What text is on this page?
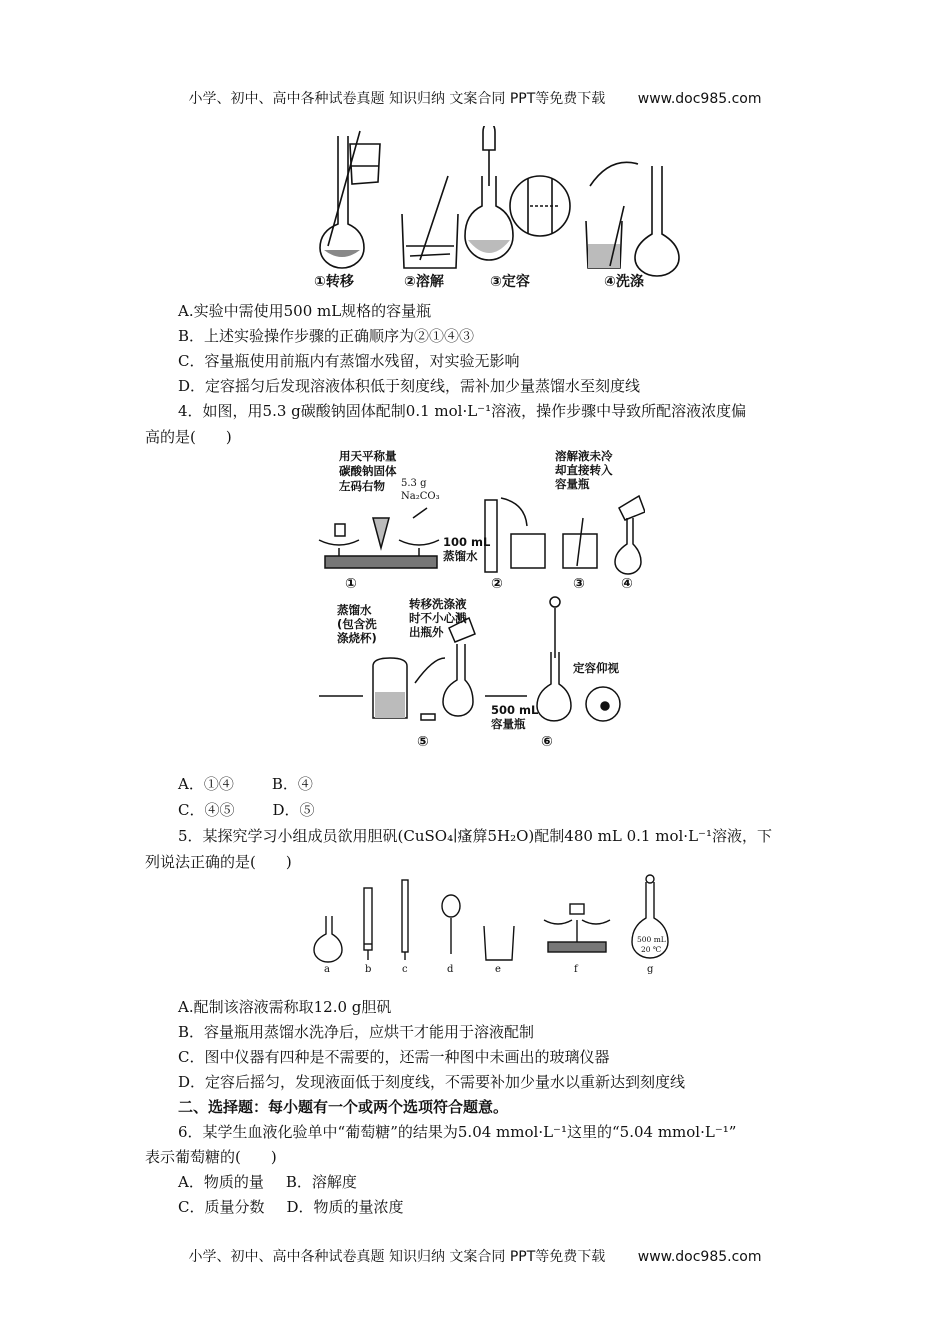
小学、初中、高中各种试卷真题 知识归纳 文案合同 PPT等免费下载 www.doc985.com
①转移	②溶解	③定容	④洗涤
A.实验中需使用500 mL规格的容量瓶
B．上述实验操作步骤的正确顺序为②①④③
C．容量瓶使用前瓶内有蒸馏水残留，对实验无影响
D．定容摇匀后发现溶液体积低于刻度线，需补加少量蒸馏水至刻度线
4．如图，用5.3 g碳酸钠固体配制0.1 mol·L⁻¹溶液，操作步骤中导致所配溶液浓度偏
高的是(　　)
用天平称量
碳酸钠固体
左码右物 5.3 g
Na₂CO₃
100 mL
蒸馏水
溶解液未冷
却直接转入
容量瓶
蒸馏水
(包含洗
涤烧杯)
转移洗涤液
时不小心溅
出瓶外
500 mL
容量瓶
定容仰视
①	②	③	④
⑤	⑥
A．①④	B．④
C．④⑤	D．⑤
5．某探究学习小组成员欲用胆矾(CuSO₄∣瘙箳5H₂O)配制480 mL 0.1 mol·L⁻¹溶液，下
列说法正确的是(　　)
500 mL
20 ℃
a	b	c	d	e	f	g
A.配制该溶液需称取12.0 g胆矾
B．容量瓶用蒸馏水洗净后，应烘干才能用于溶液配制
C．图中仪器有四种是不需要的，还需一种图中未画出的玻璃仪器
D．定容后摇匀，发现液面低于刻度线，不需要补加少量水以重新达到刻度线
二、选择题：每小题有一个或两个选项符合题意。
6．某学生血液化验单中“葡萄糖”的结果为5.04 mmol·L⁻¹这里的“5.04 mmol·L⁻¹”
表示葡萄糖的(　　)
A．物质的量 B．溶解度
C．质量分数 D．物质的量浓度
小学、初中、高中各种试卷真题 知识归纳 文案合同 PPT等免费下载 www.doc985.com
